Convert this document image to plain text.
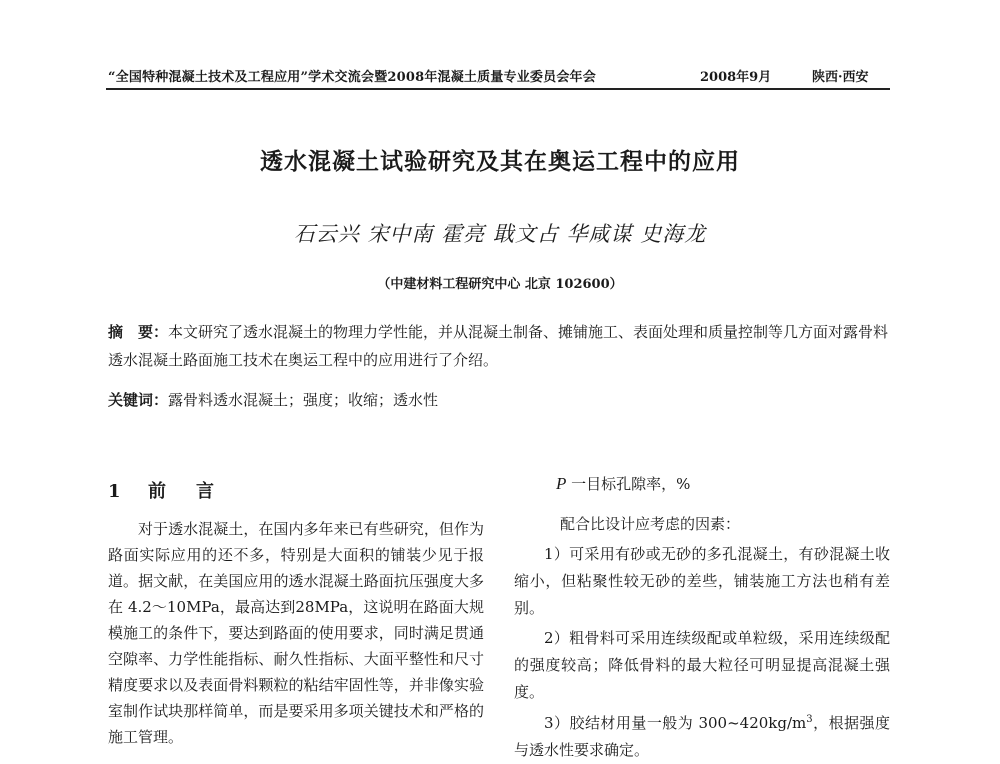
“全国特种混凝土技术及工程应用”学术交流会暨2008年混凝土质量专业委员会年会	2008年9月	陕西·西安
透水混凝土试验研究及其在奥运工程中的应用
石云兴 宋中南 霍亮 戢文占 华咸谋 史海龙
（中建材料工程研究中心 北京 102600）
摘　要：本文研究了透水混凝土的物理力学性能，并从混凝土制备、摊铺施工、表面处理和质量控制等几方面对露骨料透水混凝土路面施工技术在奥运工程中的应用进行了介绍。
关键词：露骨料透水混凝土；强度；收缩；透水性
1 前 言

对于透水混凝土，在国内多年来已有些研究，但作为路面实际应用的还不多，特别是大面积的铺装少见于报道。据文献，在美国应用的透水混凝土路面抗压强度大多在 4.2～10MPa，最高达到28MPa，这说明在路面大规模施工的条件下，要达到路面的使用要求，同时满足贯通空隙率、力学性能指标、耐久性指标、大面平整性和尺寸精度要求以及表面骨料颗粒的粘结牢固性等，并非像实验室制作试块那样简单，而是要采用多项关键技术和严格的施工管理。

P 一目标孔隙率，%
配合比设计应考虑的因素：

1）可采用有砂或无砂的多孔混凝土，有砂混凝土收缩小，但粘聚性较无砂的差些，铺装施工方法也稍有差别。

2）粗骨料可采用连续级配或单粒级，采用连续级配的强度较高；降低骨料的最大粒径可明显提高混凝土强度。

3）胶结材用量一般为 $300\sim 420kg/m^3$，根据强度与透水性要求确定。
